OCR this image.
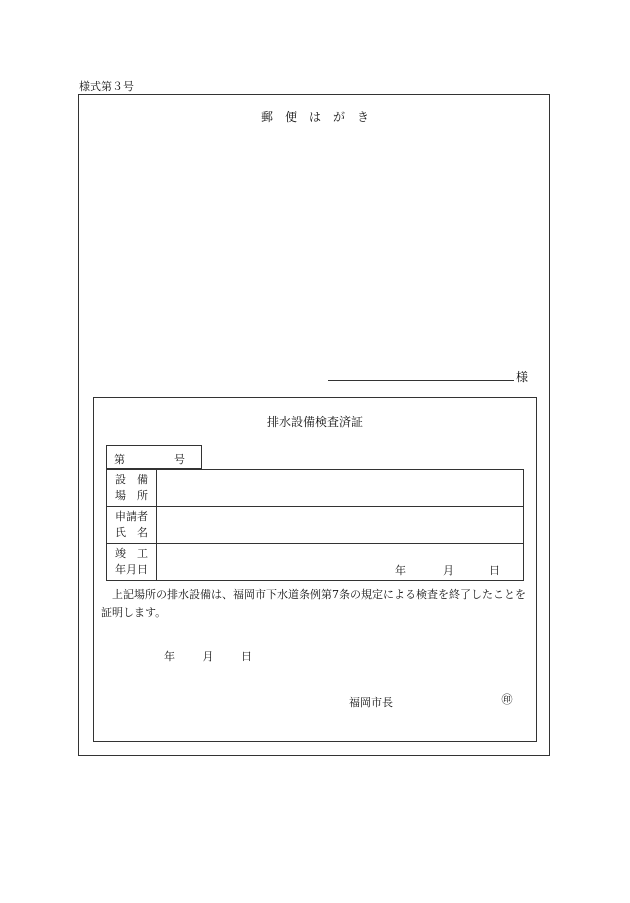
様式第３号
郵　便　は　が　き
様
排水設備検査済証
第	号
設　備
場　所	

申請者
氏　名	

竣　工
年月日	年 月 日
上記場所の排水設備は、福岡市下水道条例第7条の規定による検査を終了したことを証明します。
年	月	日
福岡市長	㊞
